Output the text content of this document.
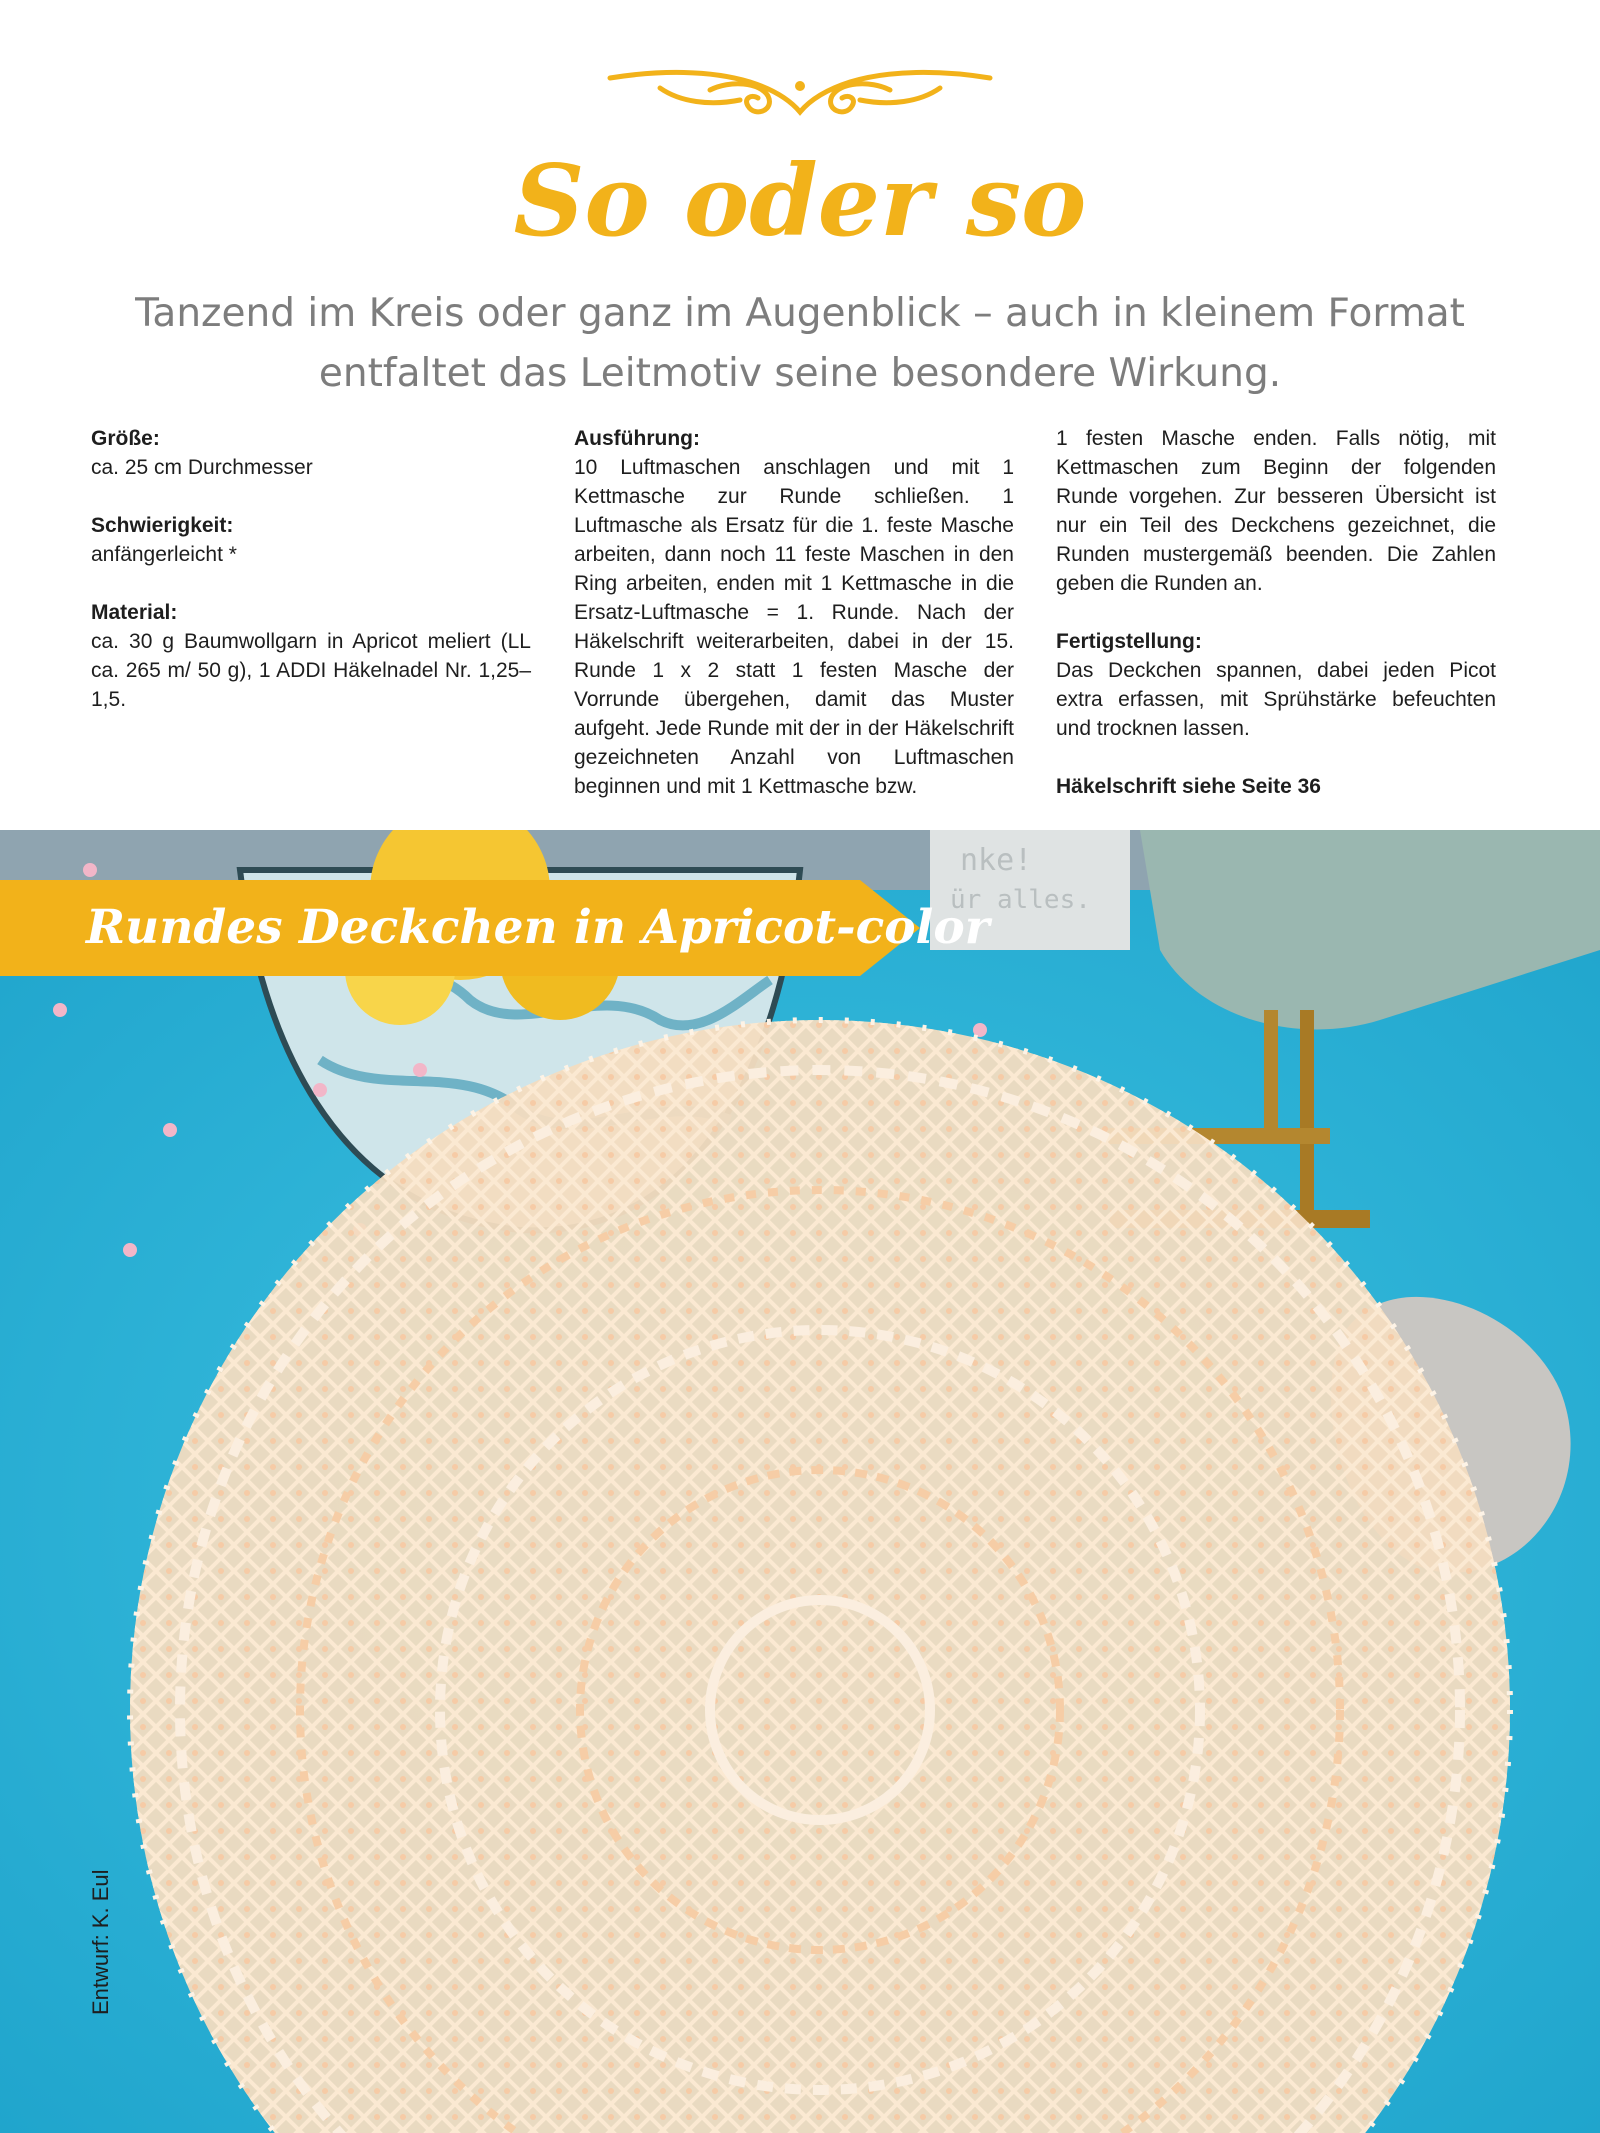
So oder so
Tanzend im Kreis oder ganz im Augenblick – auch in kleinem Format
entfaltet das Leitmotiv seine besondere Wirkung.

Größe:
ca. 25 cm Durchmesser

Schwierigkeit:
anfängerleicht *

Material:
ca. 30 g Baumwollgarn in Apricot meliert (LL ca. 265 m/ 50 g), 1 ADDI Häkelnadel Nr. 1,25–1,5.

Ausführung:
10 Luftmaschen anschlagen und mit 1 Kettmasche zur Runde schließen. 1 Luftmasche als Ersatz für die 1. feste Masche arbeiten, dann noch 11 feste Maschen in den Ring arbeiten, enden mit 1 Kettmasche in die Ersatz-Luftmasche = 1. Runde. Nach der Häkelschrift weiterarbeiten, dabei in der 15. Runde 1 x 2 statt 1 festen Masche der Vorrunde übergehen, damit das Muster aufgeht. Jede Runde mit der in der Häkelschrift gezeichneten Anzahl von Luftmaschen beginnen und mit 1 Kettmasche bzw.

1 festen Masche enden. Falls nötig, mit Kettmaschen zum Beginn der folgenden Runde vorgehen. Zur besseren Übersicht ist nur ein Teil des Deckchens gezeichnet, die Runden mustergemäß beenden. Die Zahlen geben die Runden an.

Fertigstellung:
Das Deckchen spannen, dabei jeden Picot extra erfassen, mit Sprühstärke befeuchten und trocknen lassen.

Häkelschrift siehe Seite 36

nke!
ür alles.
Rundes Deckchen in Apricot-color
Entwurf: K. Eul
